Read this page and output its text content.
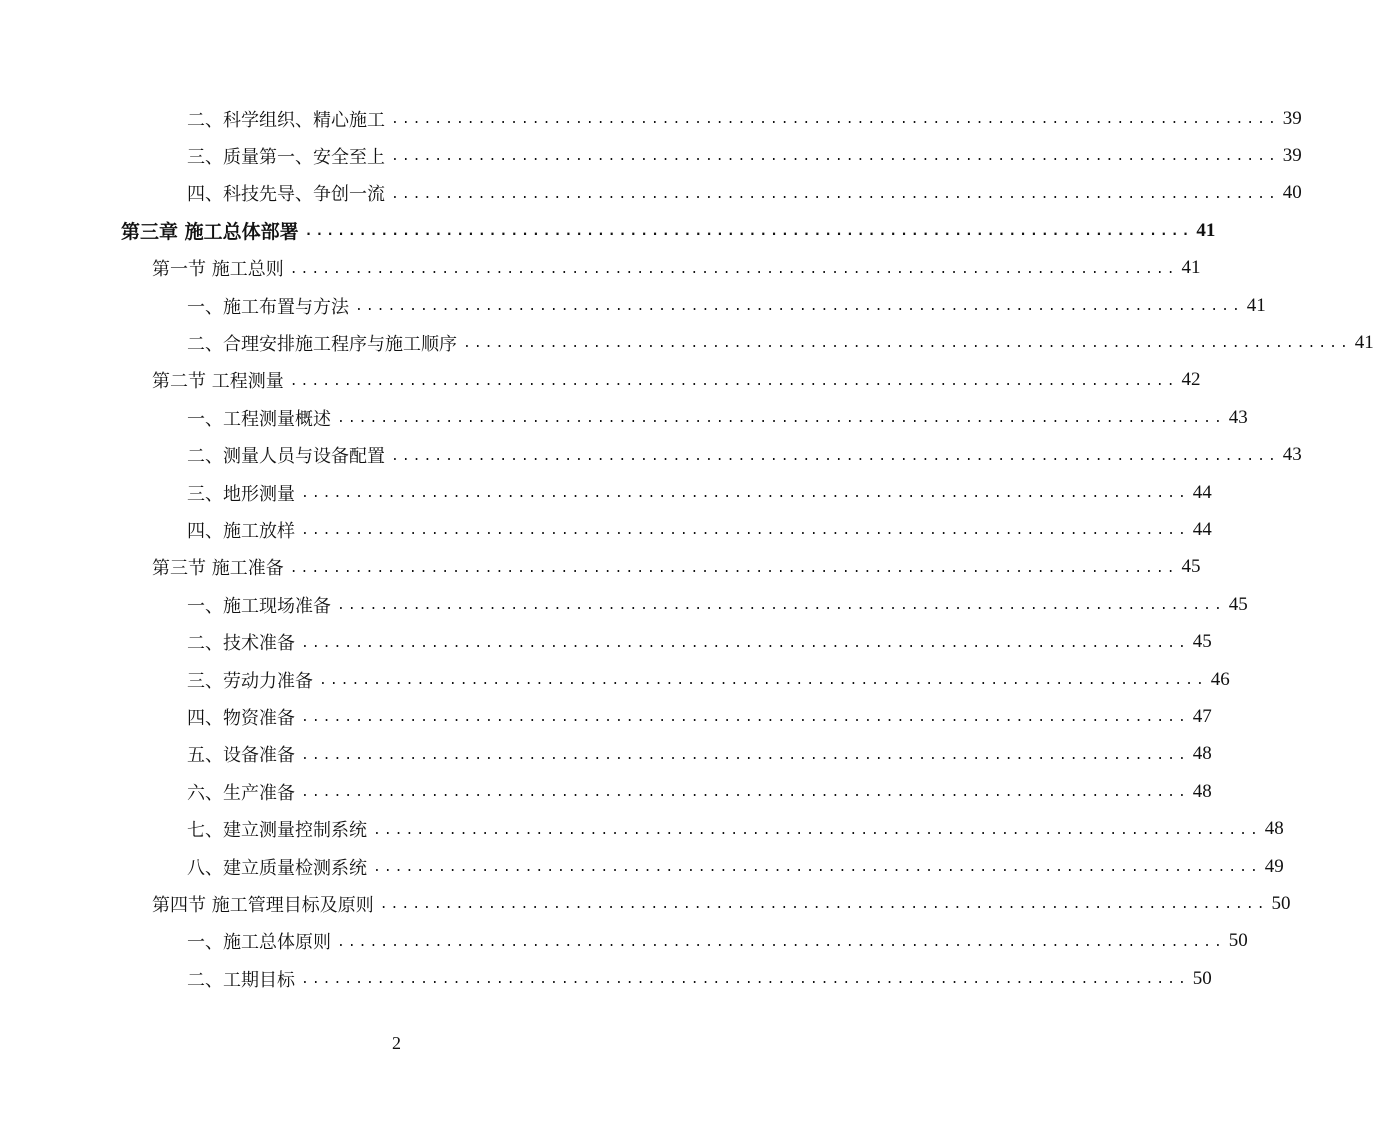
二、科学组织、精心施工 .................................................................................. 39
三、质量第一、安全至上 .................................................................................. 39
四、科技先导、争创一流 .................................................................................. 40
第三章 施工总体部署 .................................................................................. 41
第一节 施工总则 .................................................................................. 41
一、施工布置与方法 .................................................................................. 41
二、合理安排施工程序与施工顺序 .................................................................................. 41
第二节 工程测量 .................................................................................. 42
一、工程测量概述 .................................................................................. 43
二、测量人员与设备配置 .................................................................................. 43
三、地形测量 .................................................................................. 44
四、施工放样 .................................................................................. 44
第三节 施工准备 .................................................................................. 45
一、施工现场准备 .................................................................................. 45
二、技术准备 .................................................................................. 45
三、劳动力准备 .................................................................................. 46
四、物资准备 .................................................................................. 47
五、设备准备 .................................................................................. 48
六、生产准备 .................................................................................. 48
七、建立测量控制系统 .................................................................................. 48
八、建立质量检测系统 .................................................................................. 49
第四节 施工管理目标及原则 .................................................................................. 50
一、施工总体原则 .................................................................................. 50
二、工期目标 .................................................................................. 50
2
